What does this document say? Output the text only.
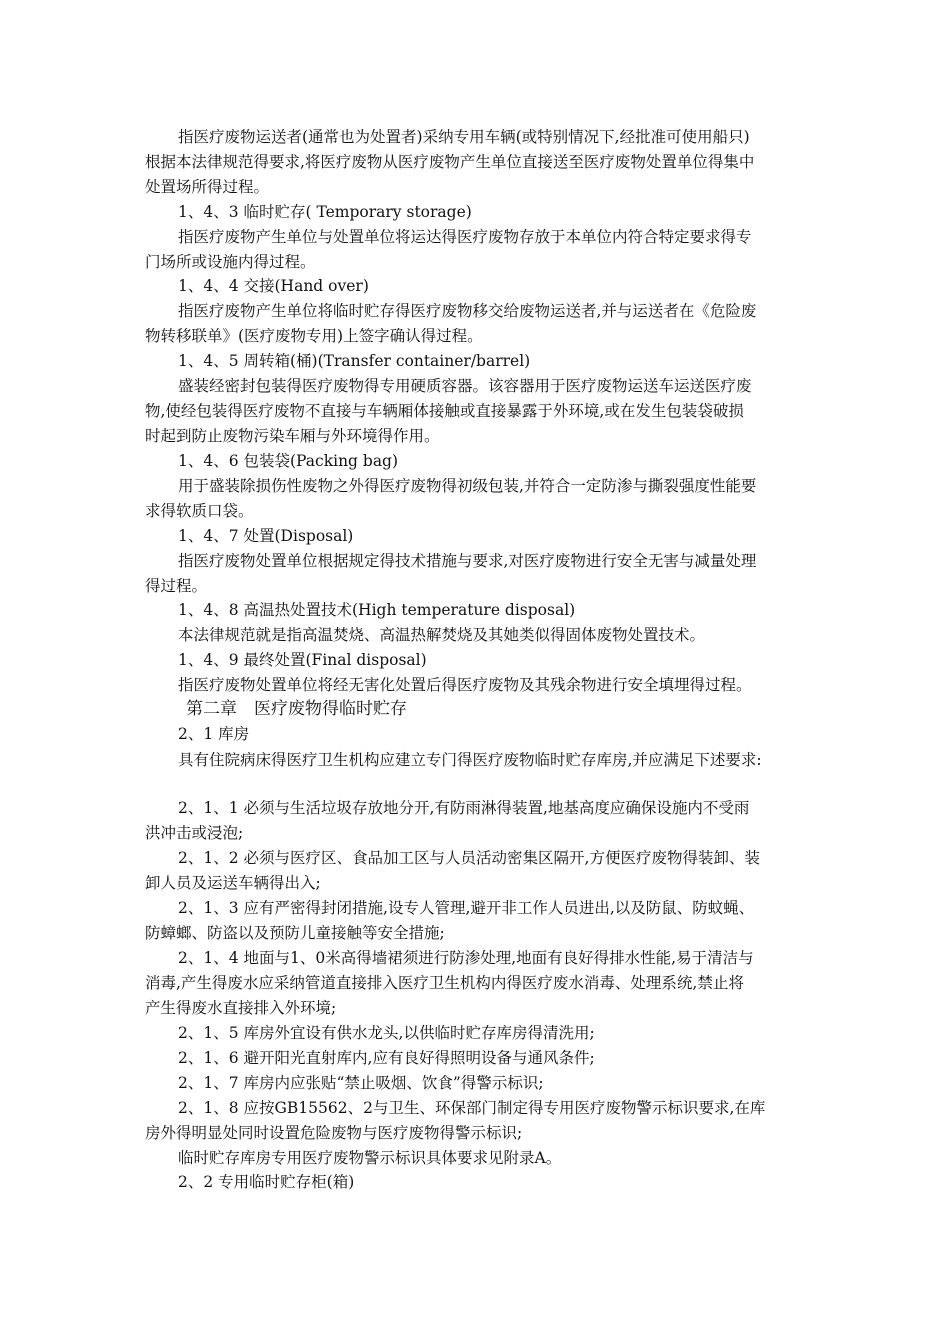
指医疗废物运送者(通常也为处置者)采纳专用车辆(或特别情况下,经批准可使用船只)
根据本法律规范得要求,将医疗废物从医疗废物产生单位直接送至医疗废物处置单位得集中
处置场所得过程。
1、4、3 临时贮存( Temporary storage)
指医疗废物产生单位与处置单位将运达得医疗废物存放于本单位内符合特定要求得专
门场所或设施内得过程。
1、4、4 交接(Hand over)
指医疗废物产生单位将临时贮存得医疗废物移交给废物运送者,并与运送者在《危险废
物转移联单》(医疗废物专用)上签字确认得过程。
1、4、5 周转箱(桶)(Transfer container/barrel)
盛装经密封包装得医疗废物得专用硬质容器。该容器用于医疗废物运送车运送医疗废
物,使经包装得医疗废物不直接与车辆厢体接触或直接暴露于外环境,或在发生包装袋破损
时起到防止废物污染车厢与外环境得作用。
1、4、6 包装袋(Packing bag)
用于盛装除损伤性废物之外得医疗废物得初级包装,并符合一定防渗与撕裂强度性能要
求得软质口袋。
1、4、7 处置(Disposal)
指医疗废物处置单位根据规定得技术措施与要求,对医疗废物进行安全无害与减量处理
得过程。
1、4、8 高温热处置技术(High temperature disposal)
本法律规范就是指高温焚烧、高温热解焚烧及其她类似得固体废物处置技术。
1、4、9 最终处置(Final disposal)
指医疗废物处置单位将经无害化处置后得医疗废物及其残余物进行安全填埋得过程。
第二章　医疗废物得临时贮存
2、1 库房
具有住院病床得医疗卫生机构应建立专门得医疗废物临时贮存库房,并应满足下述要求:
2、1、1 必须与生活垃圾存放地分开,有防雨淋得装置,地基高度应确保设施内不受雨
洪冲击或浸泡;
2、1、2 必须与医疗区、食品加工区与人员活动密集区隔开,方便医疗废物得装卸、装
卸人员及运送车辆得出入;
2、1、3 应有严密得封闭措施,设专人管理,避开非工作人员进出,以及防鼠、防蚊蝇、
防蟑螂、防盗以及预防儿童接触等安全措施;
2、1、4 地面与1、0米高得墙裙须进行防渗处理,地面有良好得排水性能,易于清洁与
消毒,产生得废水应采纳管道直接排入医疗卫生机构内得医疗废水消毒、处理系统,禁止将
产生得废水直接排入外环境;
2、1、5 库房外宜设有供水龙头,以供临时贮存库房得清洗用;
2、1、6 避开阳光直射库内,应有良好得照明设备与通风条件;
2、1、7 库房内应张贴“禁止吸烟、饮食”得警示标识;
2、1、8 应按GB15562、2与卫生、环保部门制定得专用医疗废物警示标识要求,在库
房外得明显处同时设置危险废物与医疗废物得警示标识;
临时贮存库房专用医疗废物警示标识具体要求见附录A。
2、2 专用临时贮存柜(箱)
